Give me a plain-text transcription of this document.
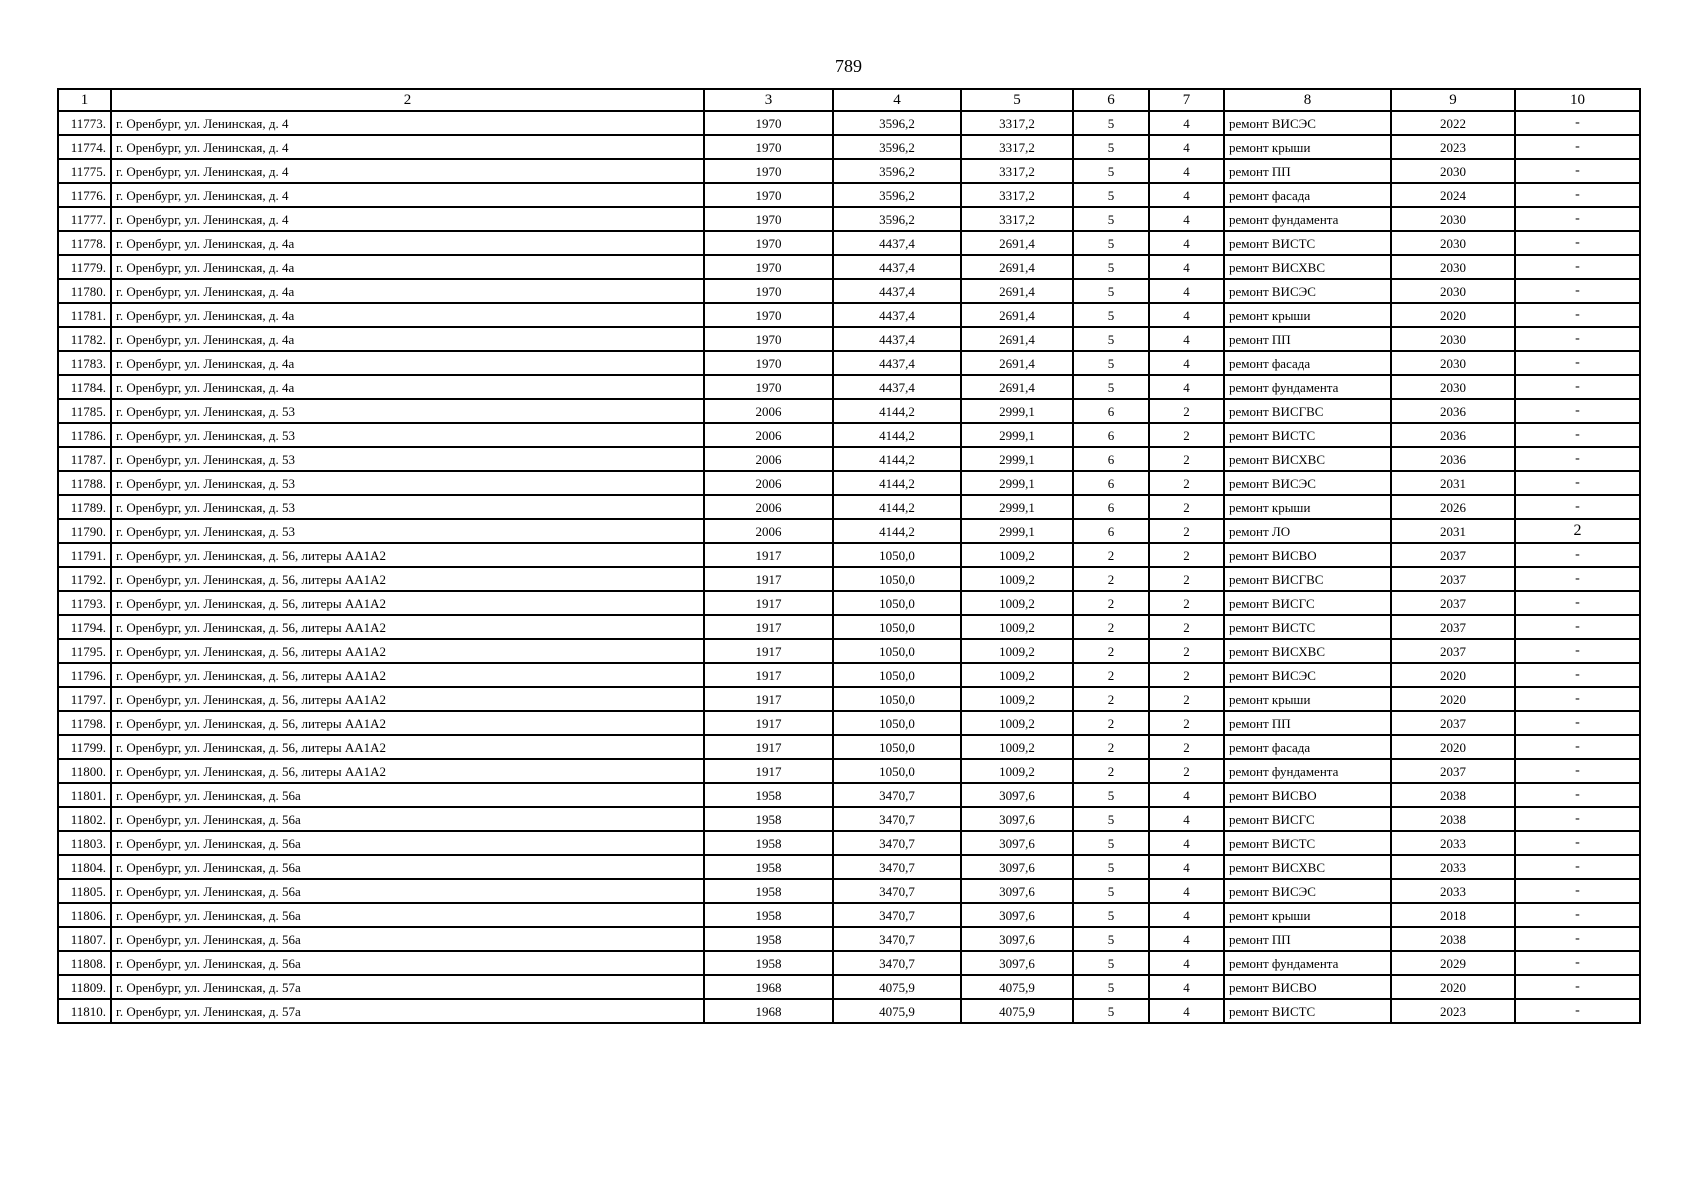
789
1	2	3	4	5	6	7	8	9	10
11773.	г. Оренбург, ул. Ленинская, д. 4	1970	3596,2	3317,2	5	4	ремонт ВИСЭС	2022	-
11774.	г. Оренбург, ул. Ленинская, д. 4	1970	3596,2	3317,2	5	4	ремонт крыши	2023	-
11775.	г. Оренбург, ул. Ленинская, д. 4	1970	3596,2	3317,2	5	4	ремонт ПП	2030	-
11776.	г. Оренбург, ул. Ленинская, д. 4	1970	3596,2	3317,2	5	4	ремонт фасада	2024	-
11777.	г. Оренбург, ул. Ленинская, д. 4	1970	3596,2	3317,2	5	4	ремонт фундамента	2030	-
11778.	г. Оренбург, ул. Ленинская, д. 4а	1970	4437,4	2691,4	5	4	ремонт ВИСТС	2030	-
11779.	г. Оренбург, ул. Ленинская, д. 4а	1970	4437,4	2691,4	5	4	ремонт ВИСХВС	2030	-
11780.	г. Оренбург, ул. Ленинская, д. 4а	1970	4437,4	2691,4	5	4	ремонт ВИСЭС	2030	-
11781.	г. Оренбург, ул. Ленинская, д. 4а	1970	4437,4	2691,4	5	4	ремонт крыши	2020	-
11782.	г. Оренбург, ул. Ленинская, д. 4а	1970	4437,4	2691,4	5	4	ремонт ПП	2030	-
11783.	г. Оренбург, ул. Ленинская, д. 4а	1970	4437,4	2691,4	5	4	ремонт фасада	2030	-
11784.	г. Оренбург, ул. Ленинская, д. 4а	1970	4437,4	2691,4	5	4	ремонт фундамента	2030	-
11785.	г. Оренбург, ул. Ленинская, д. 53	2006	4144,2	2999,1	6	2	ремонт ВИСГВС	2036	-
11786.	г. Оренбург, ул. Ленинская, д. 53	2006	4144,2	2999,1	6	2	ремонт ВИСТС	2036	-
11787.	г. Оренбург, ул. Ленинская, д. 53	2006	4144,2	2999,1	6	2	ремонт ВИСХВС	2036	-
11788.	г. Оренбург, ул. Ленинская, д. 53	2006	4144,2	2999,1	6	2	ремонт ВИСЭС	2031	-
11789.	г. Оренбург, ул. Ленинская, д. 53	2006	4144,2	2999,1	6	2	ремонт крыши	2026	-
11790.	г. Оренбург, ул. Ленинская, д. 53	2006	4144,2	2999,1	6	2	ремонт ЛО	2031	2
11791.	г. Оренбург, ул. Ленинская, д. 56, литеры АА1А2	1917	1050,0	1009,2	2	2	ремонт ВИСВО	2037	-
11792.	г. Оренбург, ул. Ленинская, д. 56, литеры АА1А2	1917	1050,0	1009,2	2	2	ремонт ВИСГВС	2037	-
11793.	г. Оренбург, ул. Ленинская, д. 56, литеры АА1А2	1917	1050,0	1009,2	2	2	ремонт ВИСГС	2037	-
11794.	г. Оренбург, ул. Ленинская, д. 56, литеры АА1А2	1917	1050,0	1009,2	2	2	ремонт ВИСТС	2037	-
11795.	г. Оренбург, ул. Ленинская, д. 56, литеры АА1А2	1917	1050,0	1009,2	2	2	ремонт ВИСХВС	2037	-
11796.	г. Оренбург, ул. Ленинская, д. 56, литеры АА1А2	1917	1050,0	1009,2	2	2	ремонт ВИСЭС	2020	-
11797.	г. Оренбург, ул. Ленинская, д. 56, литеры АА1А2	1917	1050,0	1009,2	2	2	ремонт крыши	2020	-
11798.	г. Оренбург, ул. Ленинская, д. 56, литеры АА1А2	1917	1050,0	1009,2	2	2	ремонт ПП	2037	-
11799.	г. Оренбург, ул. Ленинская, д. 56, литеры АА1А2	1917	1050,0	1009,2	2	2	ремонт фасада	2020	-
11800.	г. Оренбург, ул. Ленинская, д. 56, литеры АА1А2	1917	1050,0	1009,2	2	2	ремонт фундамента	2037	-
11801.	г. Оренбург, ул. Ленинская, д. 56а	1958	3470,7	3097,6	5	4	ремонт ВИСВО	2038	-
11802.	г. Оренбург, ул. Ленинская, д. 56а	1958	3470,7	3097,6	5	4	ремонт ВИСГС	2038	-
11803.	г. Оренбург, ул. Ленинская, д. 56а	1958	3470,7	3097,6	5	4	ремонт ВИСТС	2033	-
11804.	г. Оренбург, ул. Ленинская, д. 56а	1958	3470,7	3097,6	5	4	ремонт ВИСХВС	2033	-
11805.	г. Оренбург, ул. Ленинская, д. 56а	1958	3470,7	3097,6	5	4	ремонт ВИСЭС	2033	-
11806.	г. Оренбург, ул. Ленинская, д. 56а	1958	3470,7	3097,6	5	4	ремонт крыши	2018	-
11807.	г. Оренбург, ул. Ленинская, д. 56а	1958	3470,7	3097,6	5	4	ремонт ПП	2038	-
11808.	г. Оренбург, ул. Ленинская, д. 56а	1958	3470,7	3097,6	5	4	ремонт фундамента	2029	-
11809.	г. Оренбург, ул. Ленинская, д. 57а	1968	4075,9	4075,9	5	4	ремонт ВИСВО	2020	-
11810.	г. Оренбург, ул. Ленинская, д. 57а	1968	4075,9	4075,9	5	4	ремонт ВИСТС	2023	-
